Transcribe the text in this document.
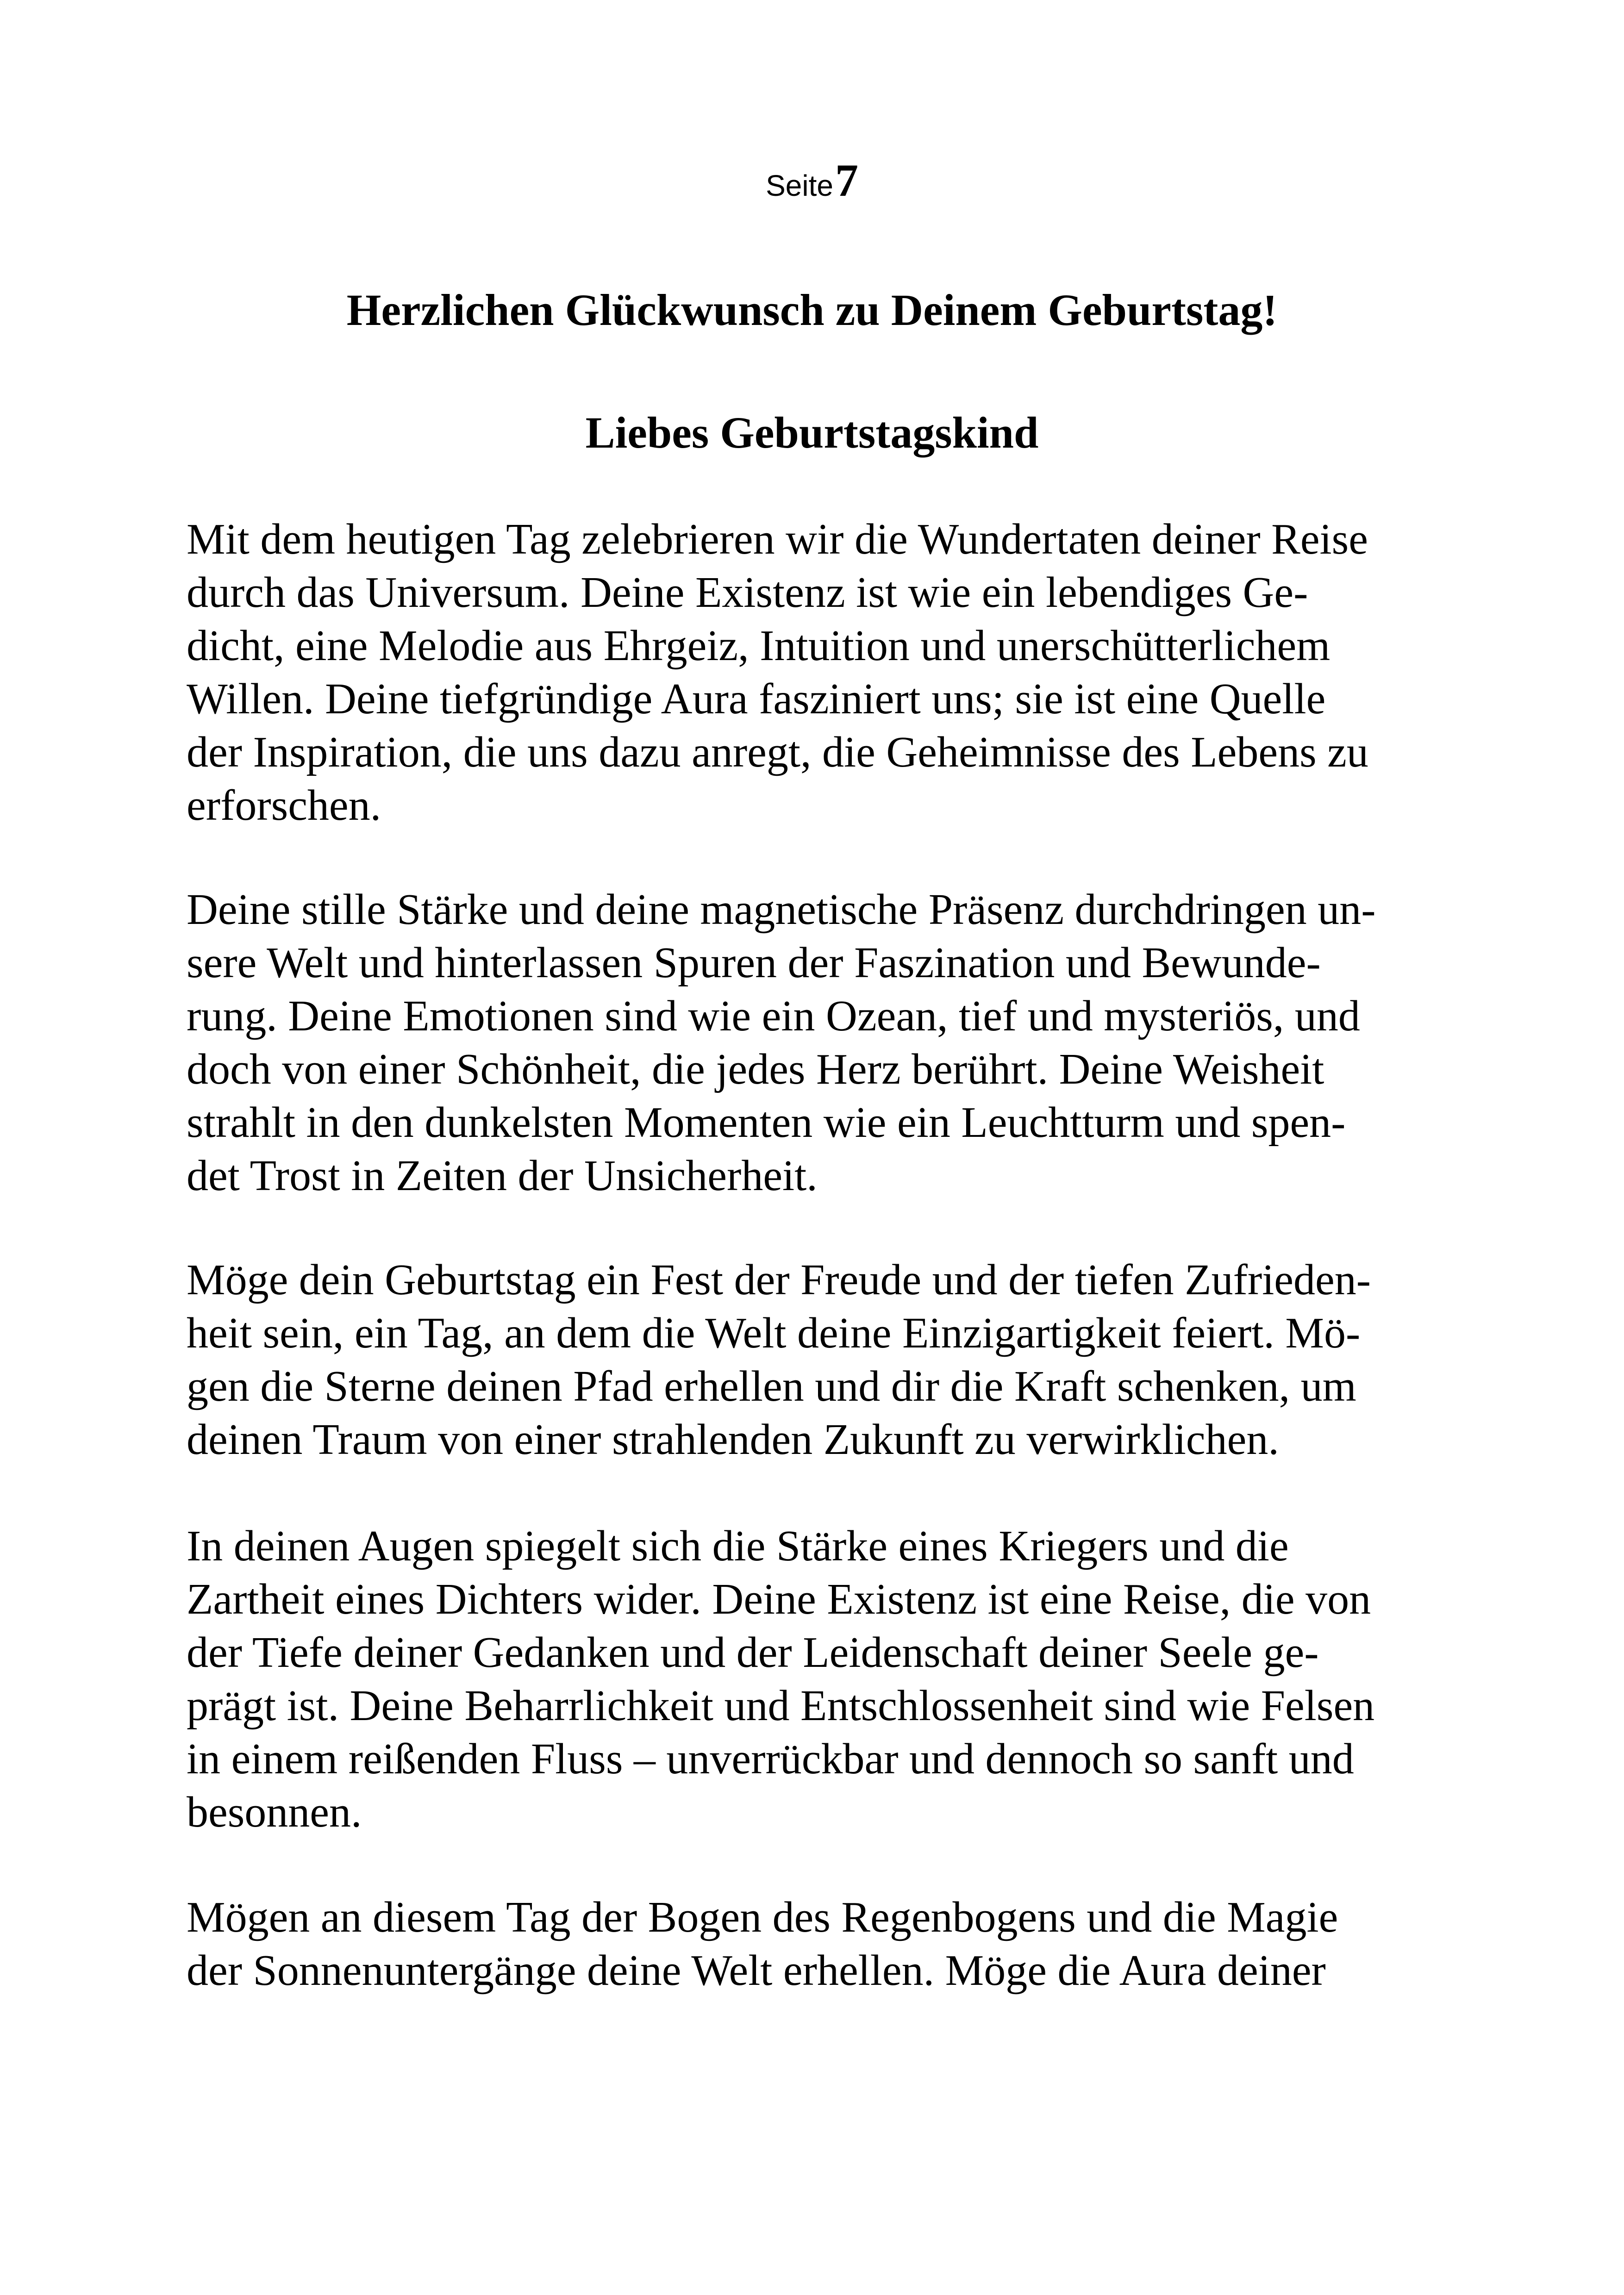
Seite 7
Herzlichen Glückwunsch zu Deinem Geburtstag!
Liebes Geburtstagskind

Mit dem heutigen Tag zelebrieren wir die Wundertaten deiner Reise
durch das Universum. Deine Existenz ist wie ein lebendiges Ge-
dicht, eine Melodie aus Ehrgeiz, Intuition und unerschütterlichem
Willen. Deine tiefgründige Aura fasziniert uns; sie ist eine Quelle
der Inspiration, die uns dazu anregt, die Geheimnisse des Lebens zu
erforschen.

Deine stille Stärke und deine magnetische Präsenz durchdringen un-
sere Welt und hinterlassen Spuren der Faszination und Bewunde-
rung. Deine Emotionen sind wie ein Ozean, tief und mysteriös, und
doch von einer Schönheit, die jedes Herz berührt. Deine Weisheit
strahlt in den dunkelsten Momenten wie ein Leuchtturm und spen-
det Trost in Zeiten der Unsicherheit.

Möge dein Geburtstag ein Fest der Freude und der tiefen Zufrieden-
heit sein, ein Tag, an dem die Welt deine Einzigartigkeit feiert. Mö-
gen die Sterne deinen Pfad erhellen und dir die Kraft schenken, um
deinen Traum von einer strahlenden Zukunft zu verwirklichen.

In deinen Augen spiegelt sich die Stärke eines Kriegers und die
Zartheit eines Dichters wider. Deine Existenz ist eine Reise, die von
der Tiefe deiner Gedanken und der Leidenschaft deiner Seele ge-
prägt ist. Deine Beharrlichkeit und Entschlossenheit sind wie Felsen
in einem reißenden Fluss – unverrückbar und dennoch so sanft und
besonnen.

Mögen an diesem Tag der Bogen des Regenbogens und die Magie
der Sonnenuntergänge deine Welt erhellen. Möge die Aura deiner
